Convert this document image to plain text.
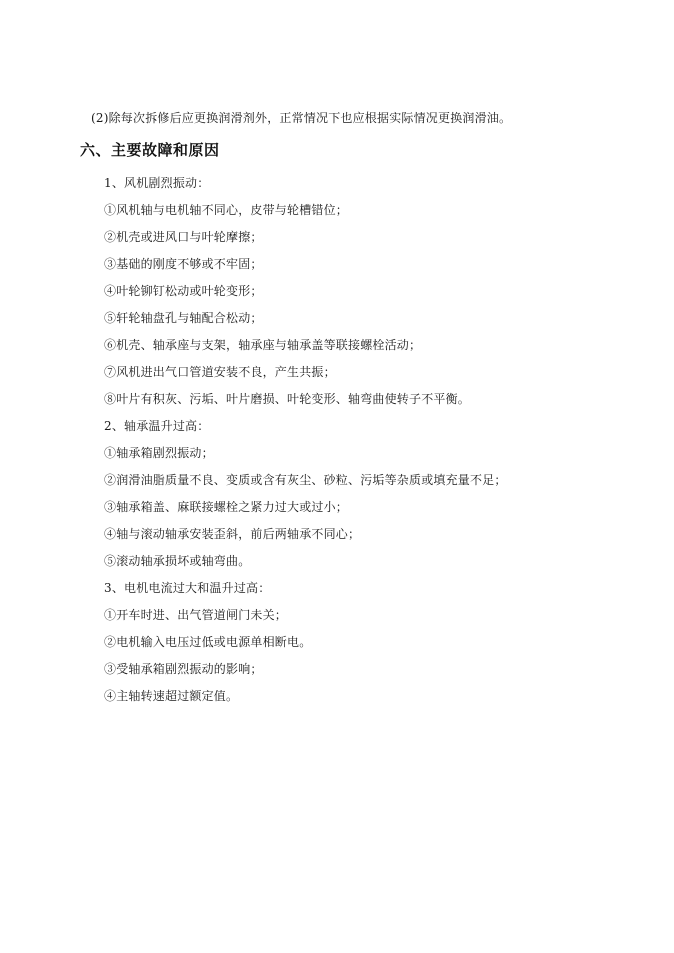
(2)除每次拆修后应更换润滑剂外，正常情况下也应根据实际情况更换润滑油。
六、主要故障和原因
1、风机剧烈振动：
①风机轴与电机轴不同心，皮带与轮槽错位；
②机壳或进风口与叶轮摩擦；
③基础的刚度不够或不牢固；
④叶轮铆钉松动或叶轮变形；
⑤轩轮轴盘孔与轴配合松动；
⑥机壳、轴承座与支架，轴承座与轴承盖等联接螺栓活动；
⑦风机进出气口管道安装不良，产生共振；
⑧叶片有积灰、污垢、叶片磨损、叶轮变形、轴弯曲使转子不平衡。
2、轴承温升过高：
①轴承箱剧烈振动；
②润滑油脂质量不良、变质或含有灰尘、砂粒、污垢等杂质或填充量不足；
③轴承箱盖、麻联接螺栓之紧力过大或过小；
④轴与滚动轴承安装歪斜，前后两轴承不同心；
⑤滚动轴承损坏或轴弯曲。
3、电机电流过大和温升过高：
①开车时进、出气管道闸门未关；
②电机输入电压过低或电源单相断电。
③受轴承箱剧烈振动的影响；
④主轴转速超过额定值。
